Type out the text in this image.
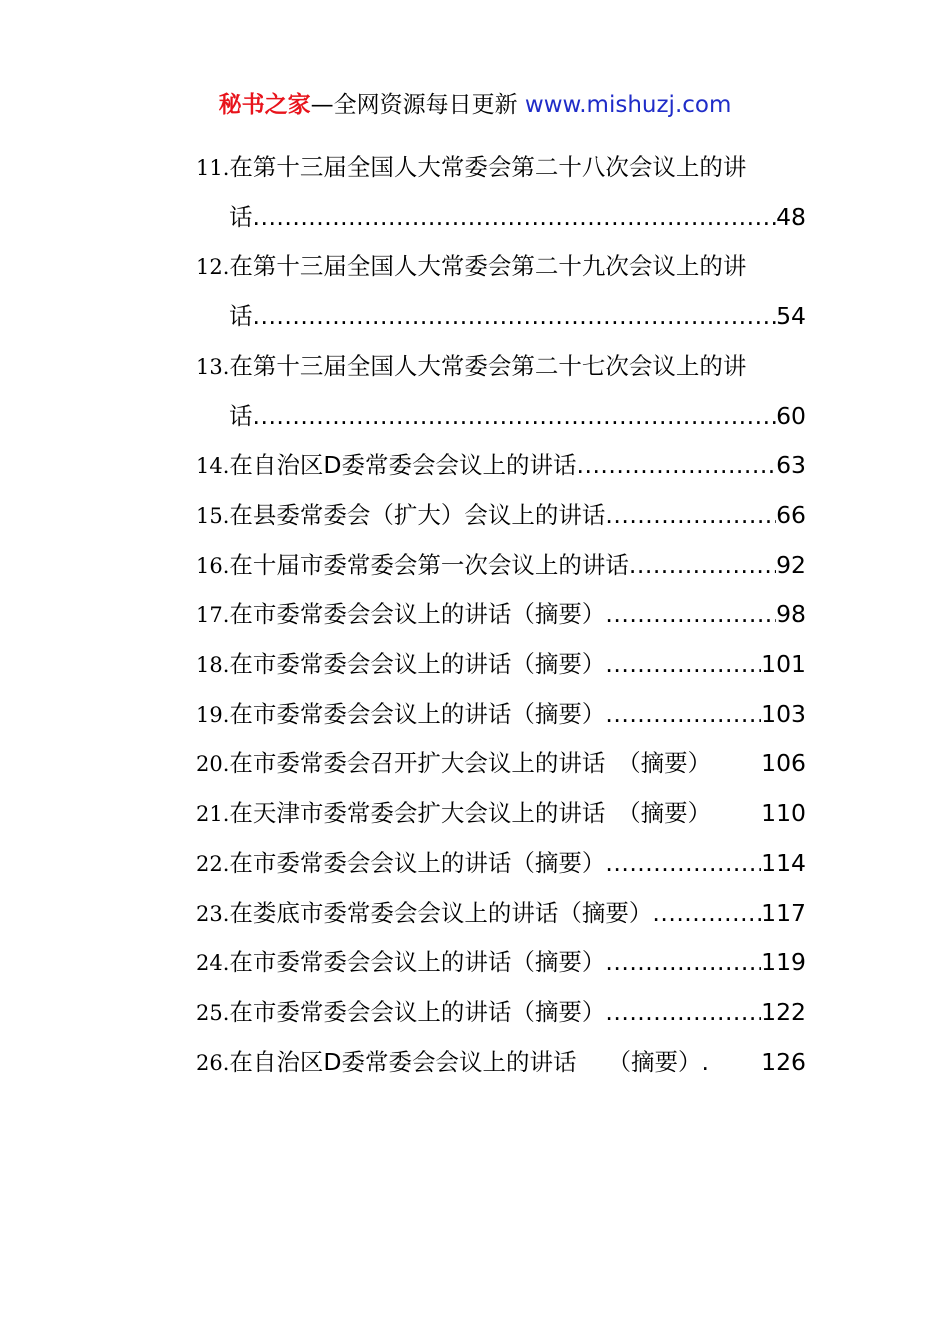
秘书之家—全网资源每日更新 www.mishuzj.com
11. 在第十三届全国人大常委会第二十八次会议上的讲
话 .....	48
12. 在第十三届全国人大常委会第二十九次会议上的讲
话 .....	54
13. 在第十三届全国人大常委会第二十七次会议上的讲
话 .....	60
14. 在自治区D委常委会会议上的讲话 .....	63
15. 在县委常委会（扩大）会议上的讲话 .....	66
16. 在十届市委常委会第一次会议上的讲话 .....	92
17. 在市委常委会会议上的讲话（摘要） .....	98
18. 在市委常委会会议上的讲话（摘要） .....	101
19. 在市委常委会会议上的讲话（摘要） .....	103
20. 在市委常委会召开扩大会议上的讲话　（摘要） 106
21. 在天津市委常委会扩大会议上的讲话　（摘要） 110
22. 在市委常委会会议上的讲话（摘要） .....	114
23. 在娄底市委常委会会议上的讲话（摘要） .....	117
24. 在市委常委会会议上的讲话（摘要） .....	119
25. 在市委常委会会议上的讲话（摘要） .....	122
26. 在自治区D委常委会会议上的讲话　 （摘要）. 126
